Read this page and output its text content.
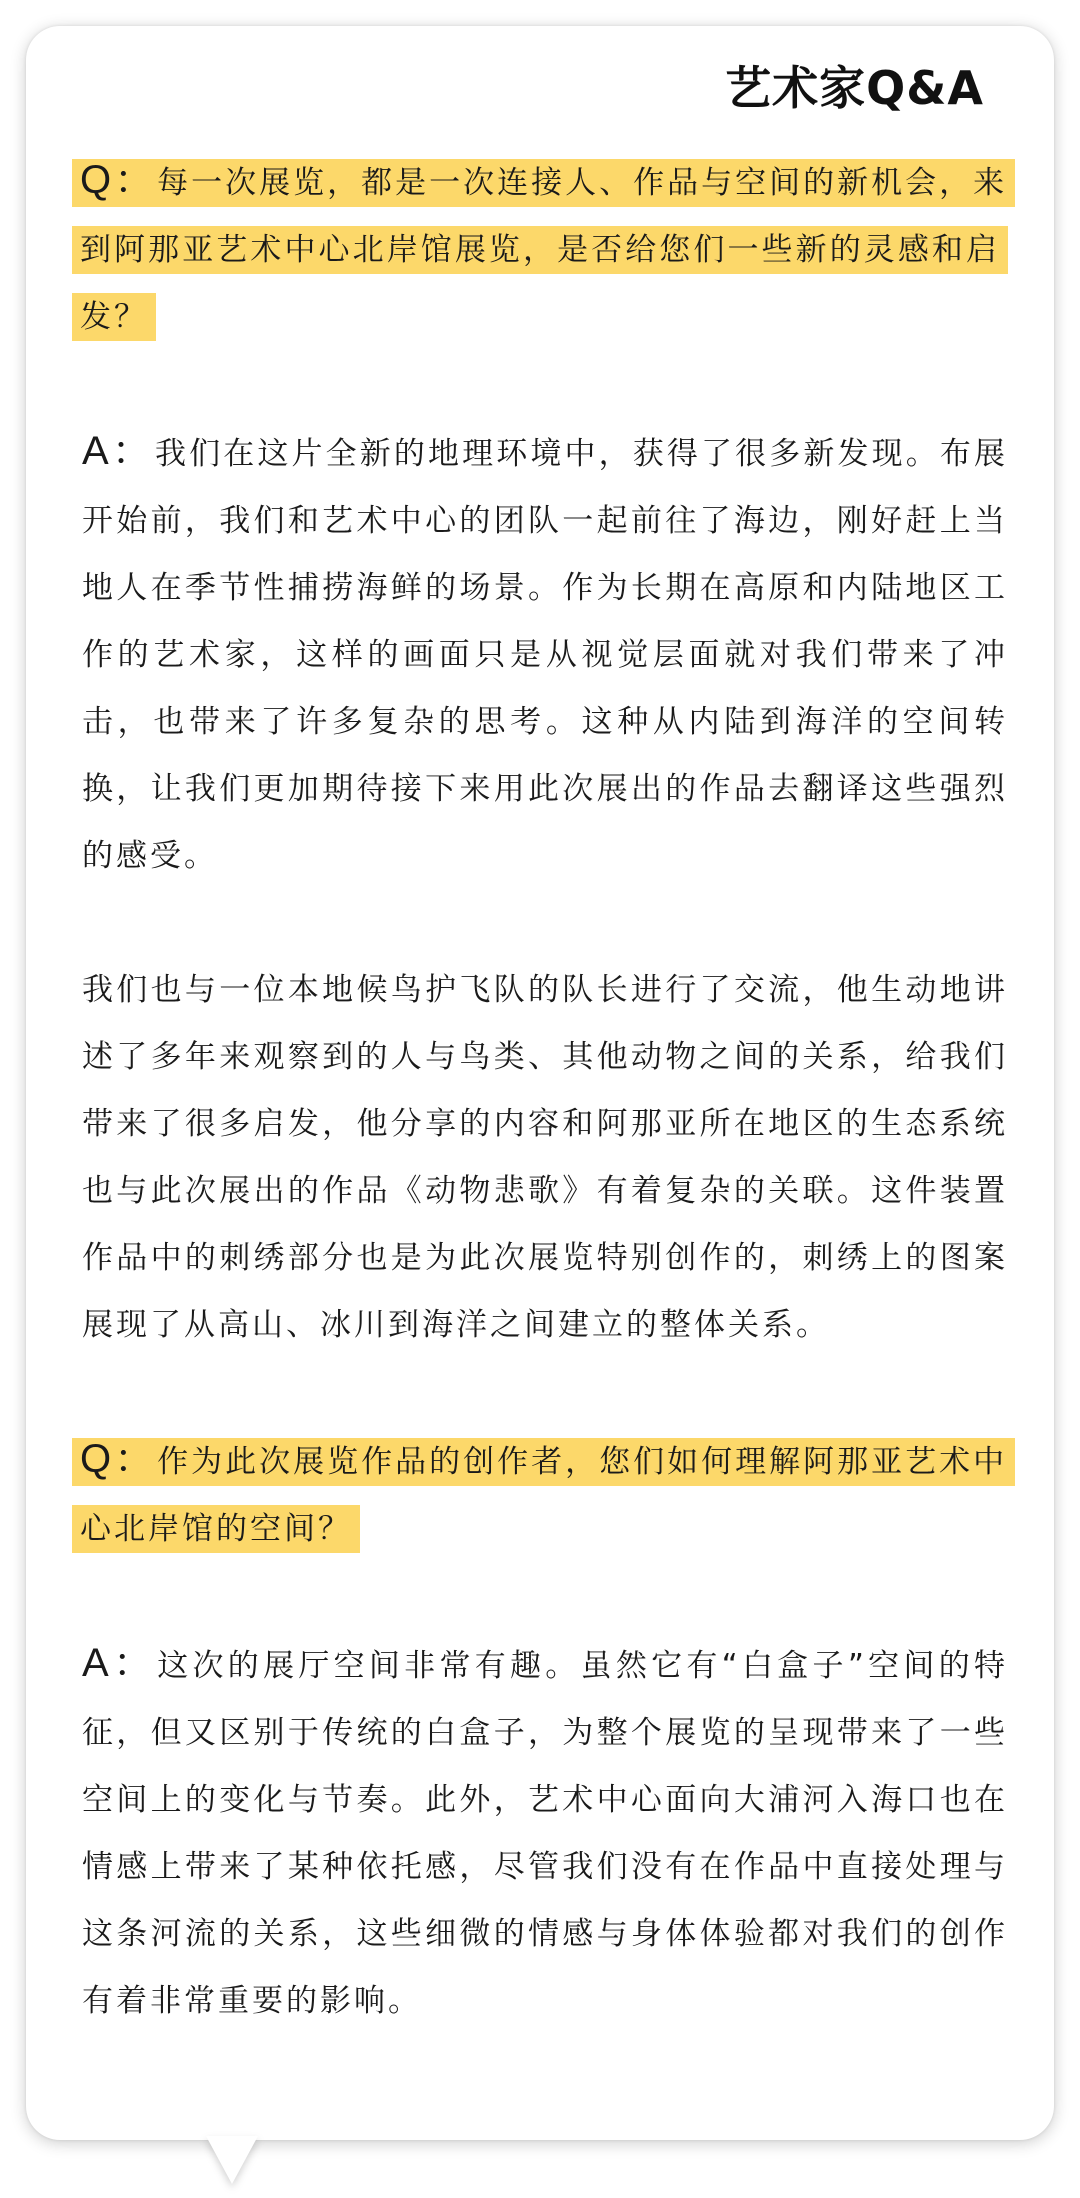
艺术家Q&A
Q：每一次展览，都是一次连接人、作品与空间的新机会，来到阿那亚艺术中心北岸馆展览，是否给您们一些新的灵感和启发？
A：我们在这片全新的地理环境中，获得了很多新发现。布展开始前，我们和艺术中心的团队一起前往了海边，刚好赶上当地人在季节性捕捞海鲜的场景。作为长期在高原和内陆地区工作的艺术家，这样的画面只是从视觉层面就对我们带来了冲击，也带来了许多复杂的思考。这种从内陆到海洋的空间转换，让我们更加期待接下来用此次展出的作品去翻译这些强烈的感受。
我们也与一位本地候鸟护飞队的队长进行了交流，他生动地讲述了多年来观察到的人与鸟类、其他动物之间的关系，给我们带来了很多启发，他分享的内容和阿那亚所在地区的生态系统也与此次展出的作品《动物悲歌》有着复杂的关联。这件装置作品中的刺绣部分也是为此次展览特别创作的，刺绣上的图案展现了从高山、冰川到海洋之间建立的整体关系。
Q：作为此次展览作品的创作者，您们如何理解阿那亚艺术中心北岸馆的空间？
A：这次的展厅空间非常有趣。虽然它有“白盒子”空间的特征，但又区别于传统的白盒子，为整个展览的呈现带来了一些空间上的变化与节奏。此外，艺术中心面向大浦河入海口也在情感上带来了某种依托感，尽管我们没有在作品中直接处理与这条河流的关系，这些细微的情感与身体体验都对我们的创作有着非常重要的影响。
